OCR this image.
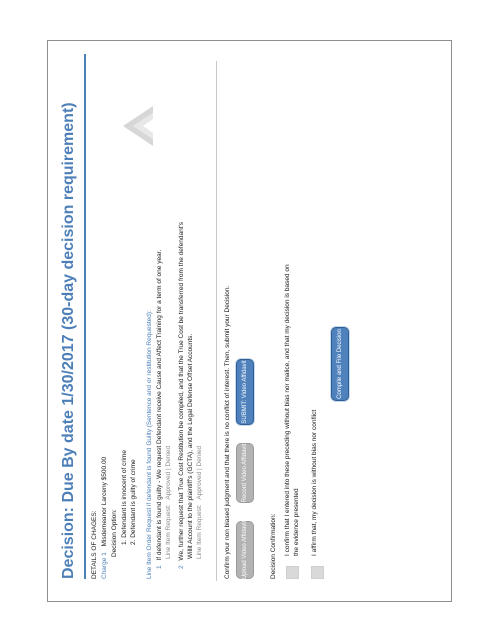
Decision: Due By date 1/30/2017 (30-day decision requirement) DETAILS OF CHAGES: Charge 1 Misdemeanor Larceny $500.00 Decision Option: 1. Defendant is innocent of crime 2. Defendant is guilty of crime Line Item Order Request if defendant is found Guilty (Sentence and or restitution Requested): 1 If defendant is found guilty - We request Defendant receive Cause and Affect Training for a term of one year. Line Item Request: Approved | Denied
2 We, further request that True Cost Restitution be compiled, and that the True Cost be transferred from the defendant's Willit Account to the plaintiff's (GCTA), and the Legal Defense Offset Accounts. Line Item Request: Approved | Denied	Confirm your non biased judgment and that there is no conflict of interest. Then, submit your Decision.	Upload Video Affidavit
Record Video Affidavit
SUBMIT: Video Affidavit
Decision Confirmation: I confirm that I entered into these preceding without bias nor malice, and that my decision is based on the evidence presented I affirm that, my decision is without bias nor conflict
Compile and File Decision
